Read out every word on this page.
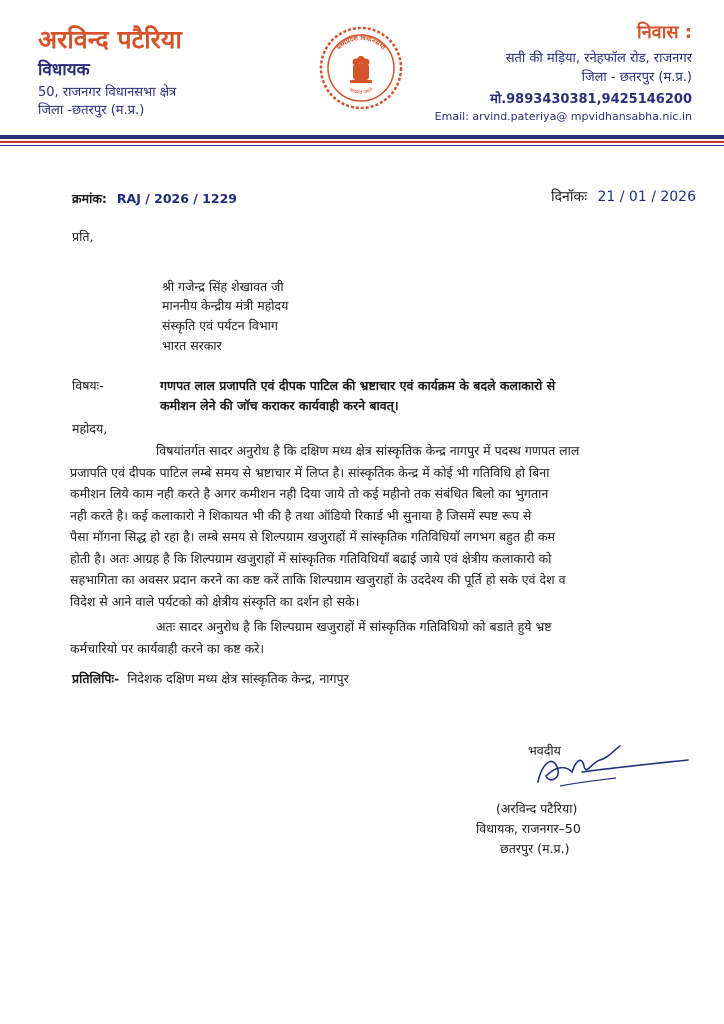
अरविन्द पटैरिया
विधायक
50, राजनगर विधानसभा क्षेत्र
जिला -छतरपुर (म.प्र.)
मध्यप्रदेश विधानसभा
सत्यमेव जयते
निवास :
सती की मड़िया, रनेहफॉल रोड, राजनगर
जिला - छतरपुर (म.प्र.)
मो.9893430381,9425146200
Email: arvind.pateriya@ mpvidhansabha.nic.in
क्रमांक: RAJ / 2026 / 1229	दिनॉकः 21 / 01 / 2026
प्रति,
श्री गजेन्द्र सिंह शेखावत जी
माननीय केन्द्रीय मंत्री महोदय
संस्कृति एवं पर्यटन विभाग
भारत सरकार
विषयः-	गणपत लाल प्रजापति एवं दीपक पाटिल की भ्रष्टाचार एवं कार्यक्रम के बदले कलाकारो से
कमीशन लेने की जॉच कराकर कार्यवाही करने बावत्।
महोदय,
विषयांतर्गत सादर अनुरोध है कि दक्षिण मध्य क्षेत्र सांस्कृतिक केन्द्र नागपुर में पदस्थ गणपत लाल
प्रजापति एवं दीपक पाटिल लम्बे समय से भ्रष्टाचार में लिप्त है। सांस्कृतिक केन्द्र में कोई भी गतिविधि हो बिना
कमीशन लिये काम नही करते है अगर कमीशन नही दिया जाये तो कई महीनो तक संबंधित बिलो का भुगतान
नही करते है। कई कलाकारो ने शिकायत भी की है तथा ऑडियो रिकार्ड भी सुनाया है जिसमें स्पष्ट रूप से
पैसा मॉगना सिद्ध हो रहा है। लम्बे समय से शिल्पग्राम खजुराहों में सांस्कृतिक गतिविधियॉ लगभग बहुत ही कम
होती है। अतः आग्रह है कि शिल्पग्राम खजुराहों में सांस्कृतिक गतिविधियॉं बढाई जाये एवं क्षेत्रीय कलाकारो को
सहभागिता का अवसर प्रदान करने का कष्ट करें ताकि शिल्पग्राम खजुराहों के उददेश्य की पूर्ति हो सके एवं देश व
विदेश से आने वाले पर्यटको को क्षेत्रीय संस्कृति का दर्शन हो सके।
अतः सादर अनुरोध है कि शिल्पग्राम खजुराहों में सांस्कृतिक गतिविधियो को बडाते हुये भ्रष्ट
कर्मचारियो पर कार्यवाही करने का कष्ट करे।
प्रतिलिपिः- निदेशक दक्षिण मध्य क्षेत्र सांस्कृतिक केन्द्र, नागपुर
भवदीय
(अरविन्द पटैरिया)
विधायक, राजनगर–50
छतरपुर (म.प्र.)
